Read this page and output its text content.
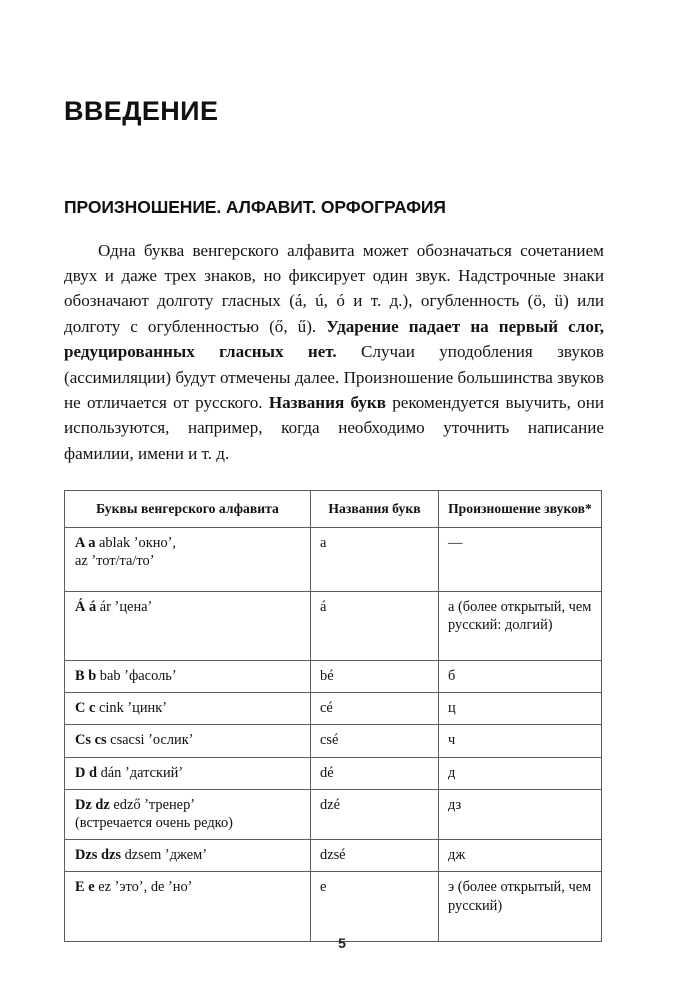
ВВЕДЕНИЕ
ПРОИЗНОШЕНИЕ. АЛФАВИТ. ОРФОГРАФИЯ

Одна буква венгерского алфавита может обозначаться сочетанием двух и даже трех знаков, но фиксирует один звук. Надстрочные знаки обозначают долготу гласных (á, ú, ó и т. д.), огубленность (ö, ü) или долготу с огубленностью (ő, ű). Ударение падает на первый слог, редуцированных гласных нет. Случаи уподобления звуков (ассимиляции) будут отмечены далее. Произношение большинства звуков не отличается от русского. Названия букв рекомендуется выучить, они используются, например, когда необходимо уточнить написание фамилии, имени и т. д.

Буквы венгерского алфавита	Названия букв	Произношение звуков*
A a ablak ʼокноʼ,
az ʼтот/та/тоʼ	a	—
Á á ár ʼценаʼ	á	а (более открытый, чем русский: долгий)
B b bab ʼфасольʼ	bé	б
C c cink ʼцинкʼ	cé	ц
Cs cs csacsi ʼосликʼ	csé	ч
D d dán ʼдатскийʼ	dé	д
Dz dz edző ʼтренерʼ
(встречается очень редко)	dzé	дз
Dzs dzs dzsem ʼджемʼ	dzsé	дж
E e ez ʼэтоʼ, de ʼноʼ	e	э (более открытый, чем русский)
5
